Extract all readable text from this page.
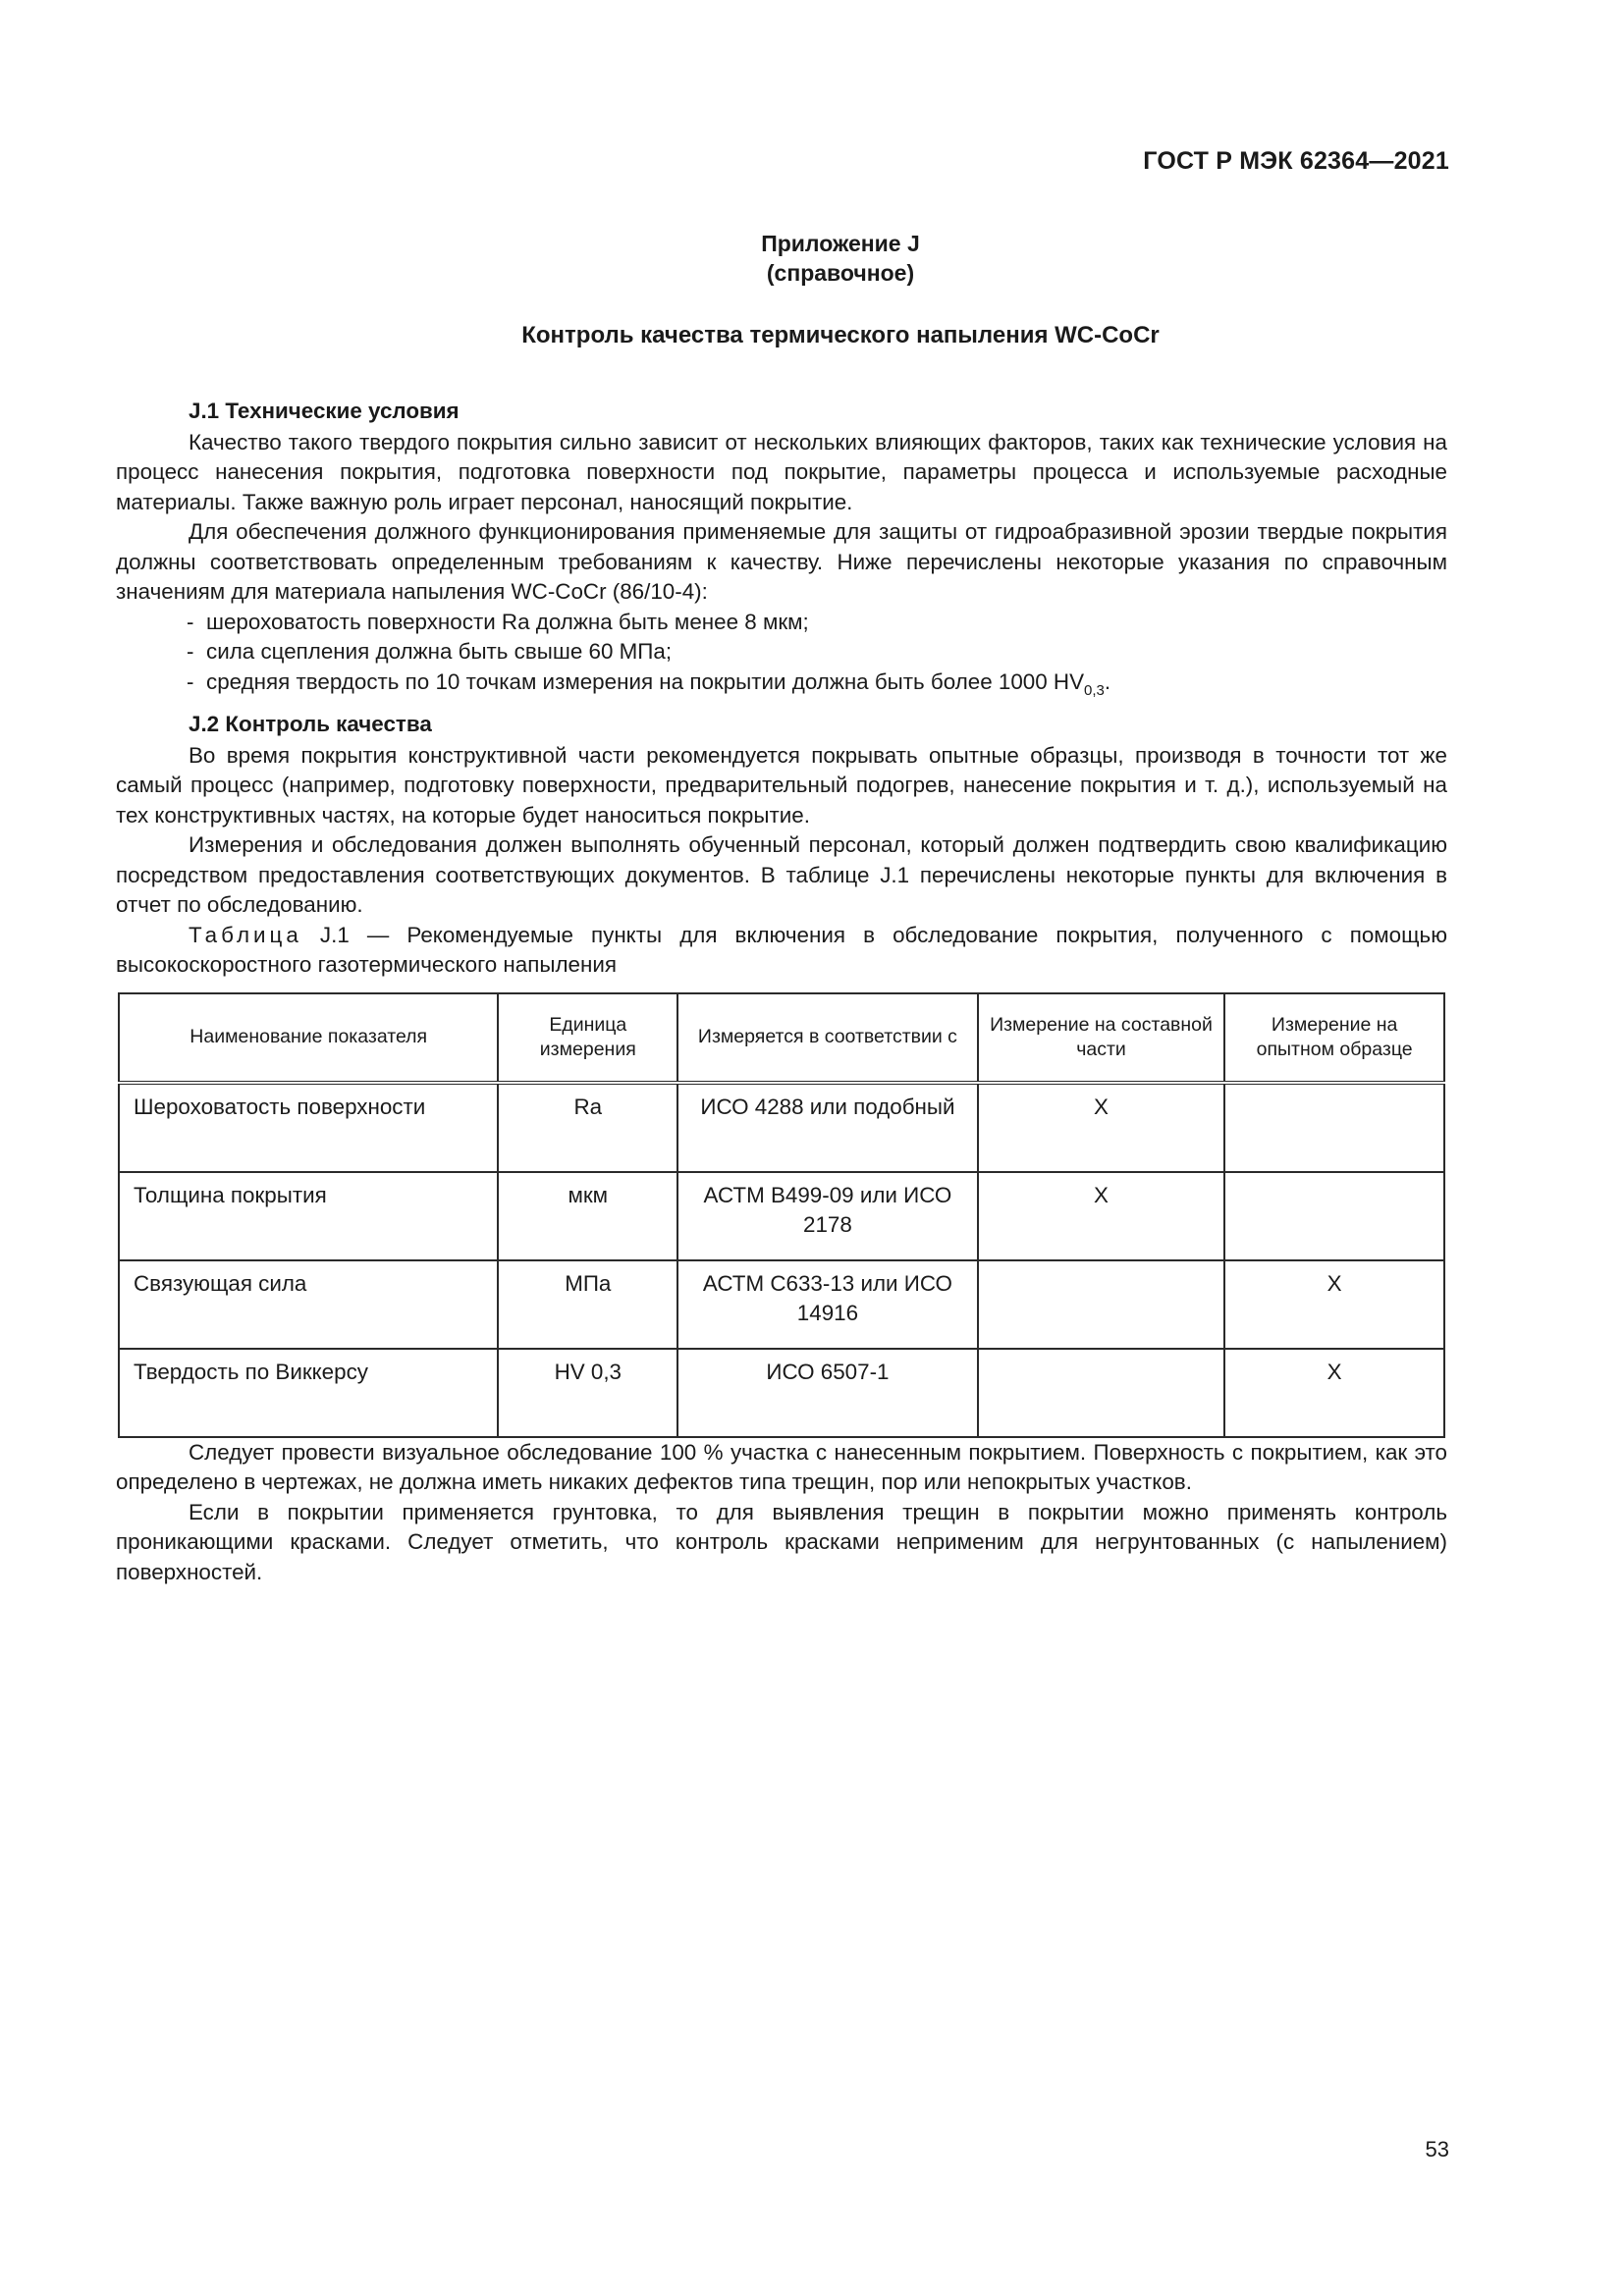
ГОСТ Р МЭК 62364—2021
Приложение J
(справочное)
Контроль качества термического напыления WC-CoCr

J.1 Технические условия

Качество такого твердого покрытия сильно зависит от нескольких влияющих факторов, таких как технические условия на процесс нанесения покрытия, подготовка поверхности под покрытие, параметры процесса и используемые расходные материалы. Также важную роль играет персонал, наносящий покрытие.

Для обеспечения должного функционирования применяемые для защиты от гидроабразивной эрозии твердые покрытия должны соответствовать определенным требованиям к качеству. Ниже перечислены некоторые указания по справочным значениям для материала напыления WC-CoCr (86/10-4):

- шероховатость поверхности Ra должна быть менее 8 мкм;
- сила сцепления должна быть свыше 60 МПа;
- средняя твердость по 10 точкам измерения на покрытии должна быть более 1000 $HV_{0,3}$.

J.2 Контроль качества

Во время покрытия конструктивной части рекомендуется покрывать опытные образцы, производя в точности тот же самый процесс (например, подготовку поверхности, предварительный подогрев, нанесение покрытия и т. д.), используемый на тех конструктивных частях, на которые будет наноситься покрытие.

Измерения и обследования должен выполнять обученный персонал, который должен подтвердить свою квалификацию посредством предоставления соответствующих документов. В таблице J.1 перечислены некоторые пункты для включения в отчет по обследованию.

Таблица J.1 — Рекомендуемые пункты для включения в обследование покрытия, полученного с помощью высокоскоростного газотермического напыления

Наименование показателя	Единица измерения	Измеряется в соответствии с	Измерение на составной части	Измерение на опытном образце
Шероховатость поверхности	Ra	ИСО 4288 или подобный	X	
Толщина покрытия	мкм	АСТМ В499-09 или ИСО 2178	X	
Связующая сила	МПа	АСТМ С633-13 или ИСО 14916		X
Твердость по Виккерсу	HV 0,3	ИСО 6507-1		X

Следует провести визуальное обследование 100 % участка с нанесенным покрытием. Поверхность с покрытием, как это определено в чертежах, не должна иметь никаких дефектов типа трещин, пор или непокрытых участков.

Если в покрытии применяется грунтовка, то для выявления трещин в покрытии можно применять контроль проникающими красками. Следует отметить, что контроль красками неприменим для негрунтованных (с напылением) поверхностей.

53
